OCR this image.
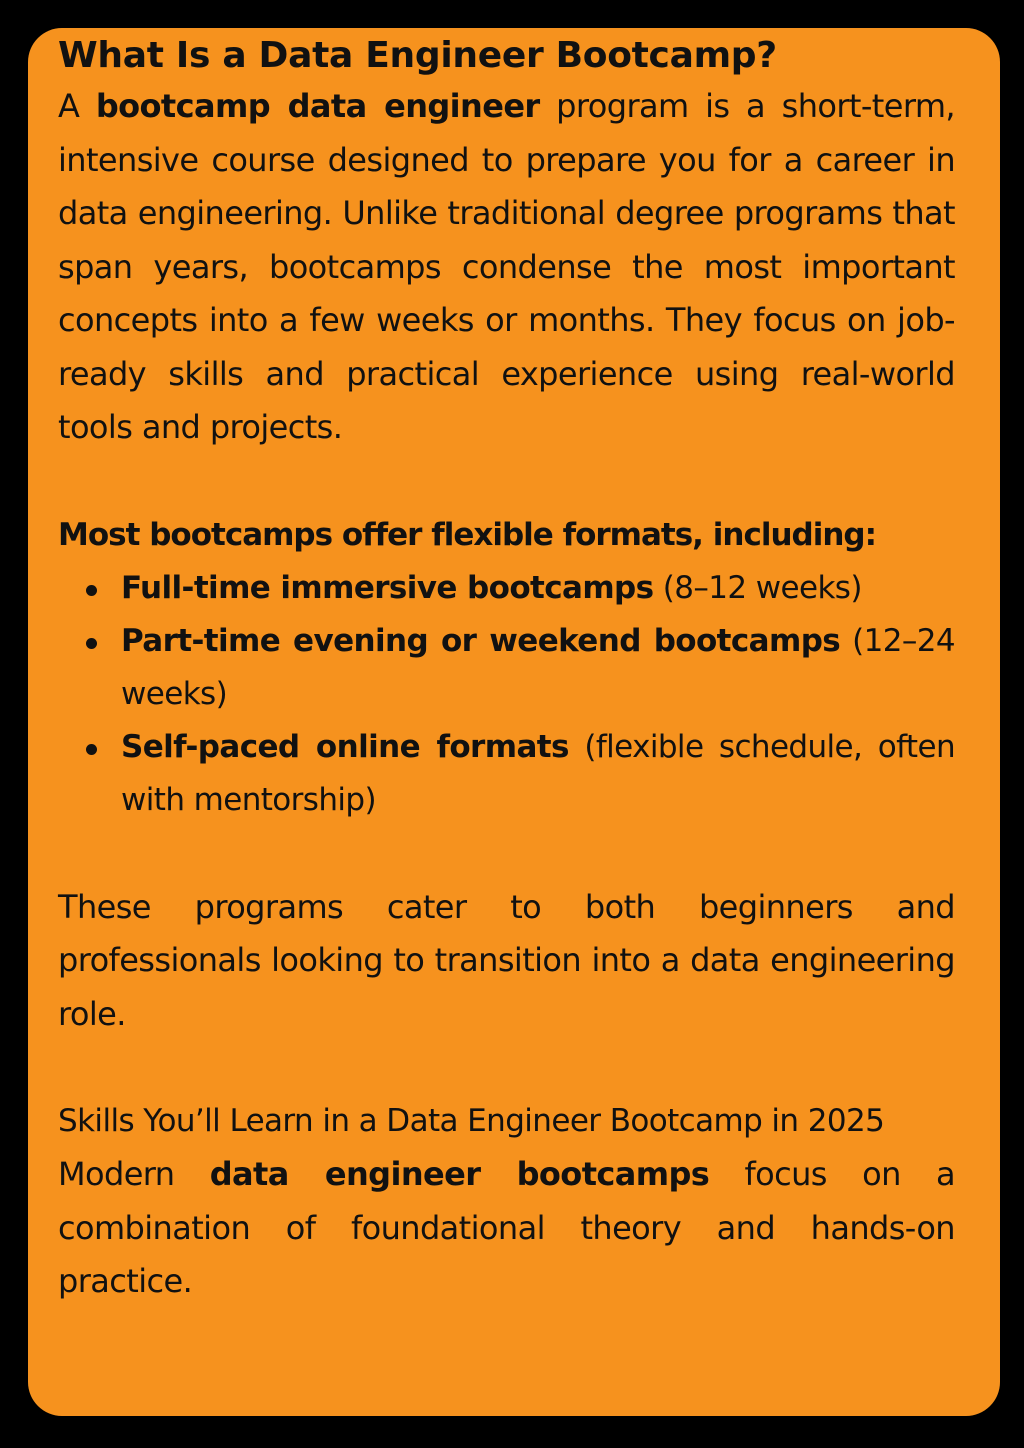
What Is a Data Engineer Bootcamp?

A bootcamp data engineer program is a short-term, intensive course designed to prepare you for a career in data engineering. Unlike traditional degree programs that span years, bootcamps condense the most important concepts into a few weeks or months. They focus on job-ready skills and practical experience using real-world tools and projects.

Most bootcamps offer flexible formats, including:
Full-time immersive bootcamps (8–12 weeks)
Part-time evening or weekend bootcamps (12–24 weeks)
Self-paced online formats (flexible schedule, often with mentorship)

These programs cater to both beginners and professionals looking to transition into a data engineering role.

Skills You’ll Learn in a Data Engineer Bootcamp in 2025

Modern data engineer bootcamps focus on a combination of foundational theory and hands-on practice.
